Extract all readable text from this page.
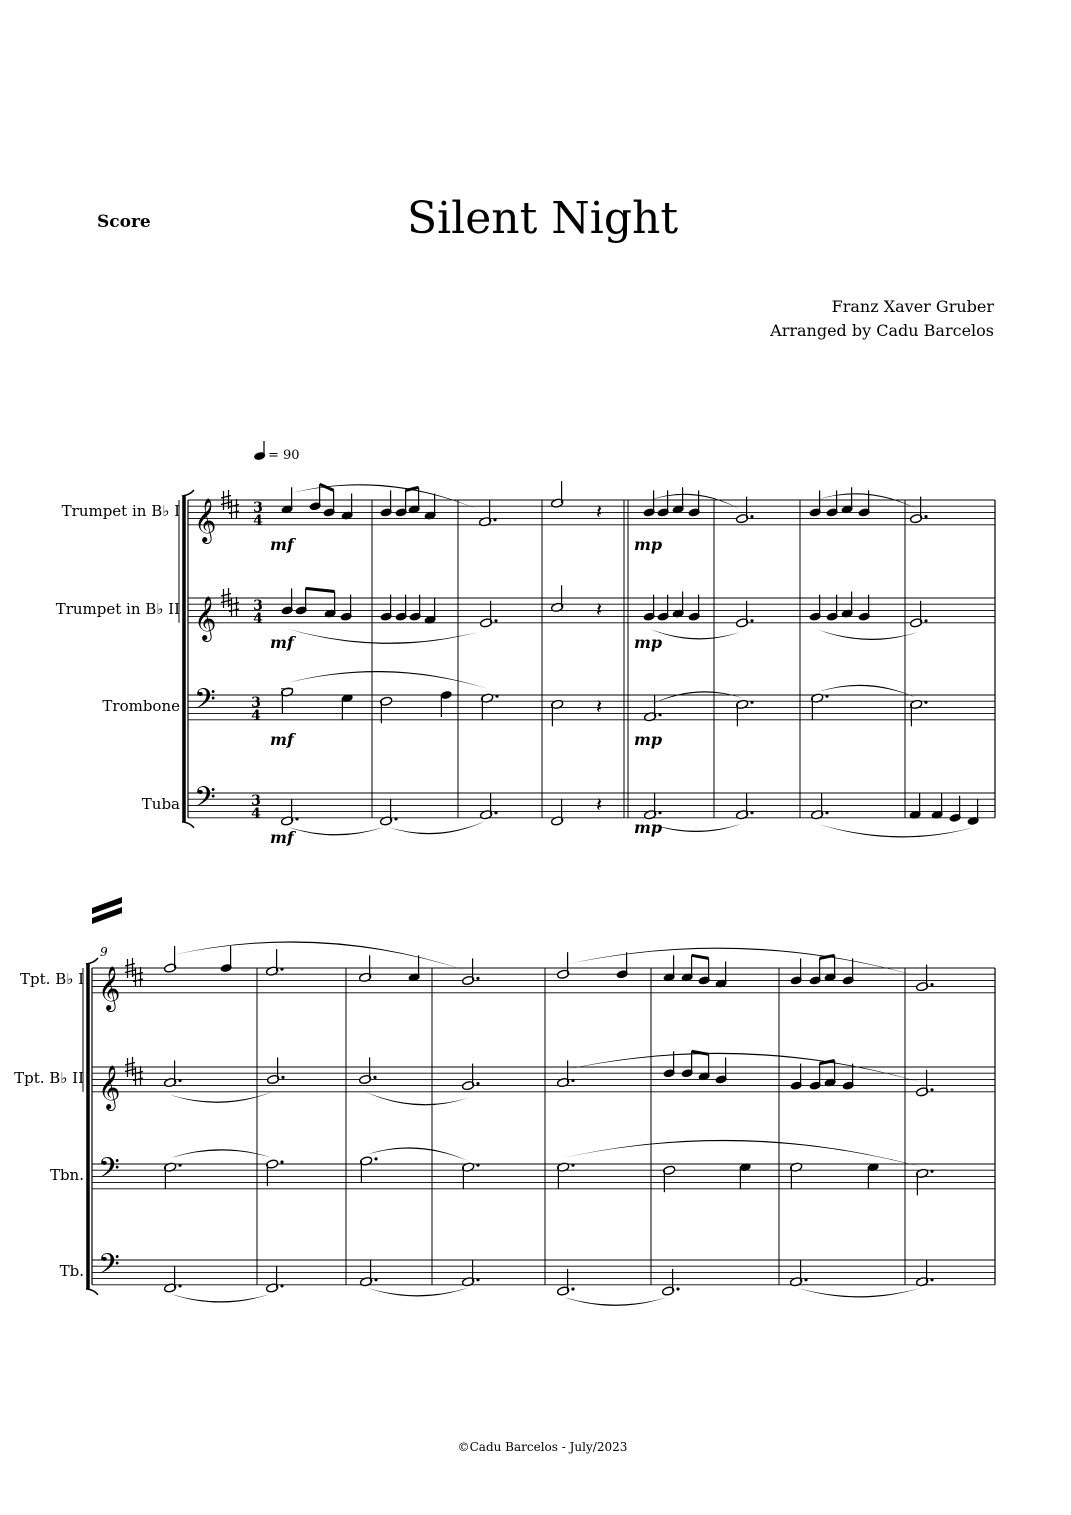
Score	Silent Night
Franz Xaver Gruber
Arranged by Cadu Barcelos
= 90
Trumpet in B♭ I 𝄞	3
4
Trumpet in B♭ II 𝄞	3
4
Trombone 𝄢	3
4
Tuba 𝄢	3
4
𝄽
𝄽
𝄽
𝄽
mf
mf
mf
mf
mp
mp
mp
mp
Tpt. B♭ I 𝄞
Tpt. B♭ II 𝄞
Tbn. 𝄢
Tb. 𝄢
9
©Cadu Barcelos - July/2023
